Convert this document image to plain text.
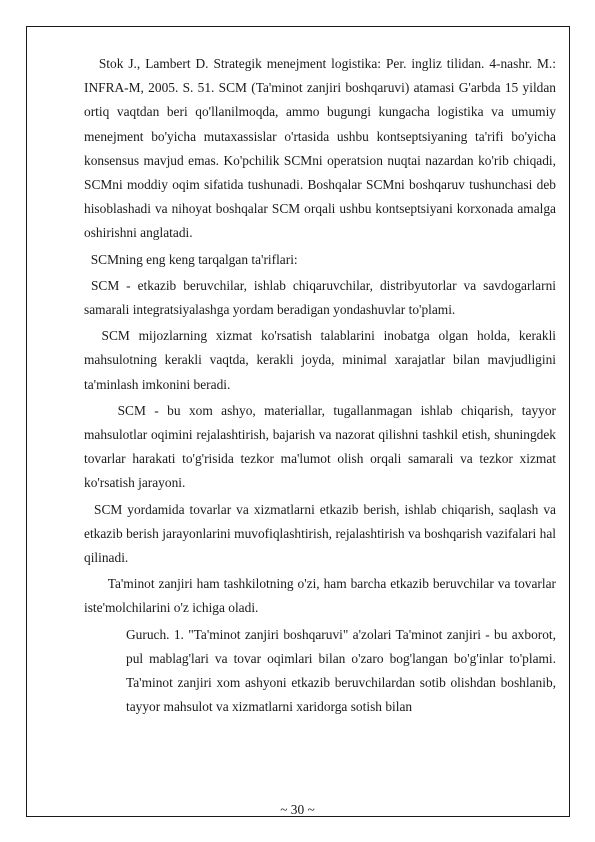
Stok J., Lambert D. Strategik menejment logistika: Per. ingliz tilidan. 4-nashr. M.: INFRA-M, 2005. S. 51. SCM (Ta'minot zanjiri boshqaruvi) atamasi G'arbda 15 yildan ortiq vaqtdan beri qo'llanilmoqda, ammo bugungi kungacha logistika va umumiy menejment bo'yicha mutaxassislar o'rtasida ushbu kontseptsiyaning ta'rifi bo'yicha konsensus mavjud emas. Ko'pchilik SCMni operatsion nuqtai nazardan ko'rib chiqadi, SCMni moddiy oqim sifatida tushunadi. Boshqalar SCMni boshqaruv tushunchasi deb hisoblashadi va nihoyat boshqalar SCM orqali ushbu kontseptsiyani korxonada amalga oshirishni anglatadi.

SCMning eng keng tarqalgan ta'riflari:

SCM - etkazib beruvchilar, ishlab chiqaruvchilar, distribyutorlar va savdogarlarni samarali integratsiyalashga yordam beradigan yondashuvlar to'plami.

SCM mijozlarning xizmat ko'rsatish talablarini inobatga olgan holda, kerakli mahsulotning kerakli vaqtda, kerakli joyda, minimal xarajatlar bilan mavjudligini ta'minlash imkonini beradi.

SCM - bu xom ashyo, materiallar, tugallanmagan ishlab chiqarish, tayyor mahsulotlar oqimini rejalashtirish, bajarish va nazorat qilishni tashkil etish, shuningdek tovarlar harakati to'g'risida tezkor ma'lumot olish orqali samarali va tezkor xizmat ko'rsatish jarayoni.

SCM yordamida tovarlar va xizmatlarni etkazib berish, ishlab chiqarish, saqlash va etkazib berish jarayonlarini muvofiqlashtirish, rejalashtirish va boshqarish vazifalari hal qilinadi.

Ta'minot zanjiri ham tashkilotning o'zi, ham barcha etkazib beruvchilar va tovarlar iste'molchilarini o'z ichiga oladi.

Guruch. 1. "Ta'minot zanjiri boshqaruvi" a'zolari Ta'minot zanjiri - bu axborot, pul mablag'lari va tovar oqimlari bilan o'zaro bog'langan bo'g'inlar to'plami. Ta'minot zanjiri xom ashyoni etkazib beruvchilardan sotib olishdan boshlanib, tayyor mahsulot va xizmatlarni xaridorga sotish bilan

~ 30 ~
